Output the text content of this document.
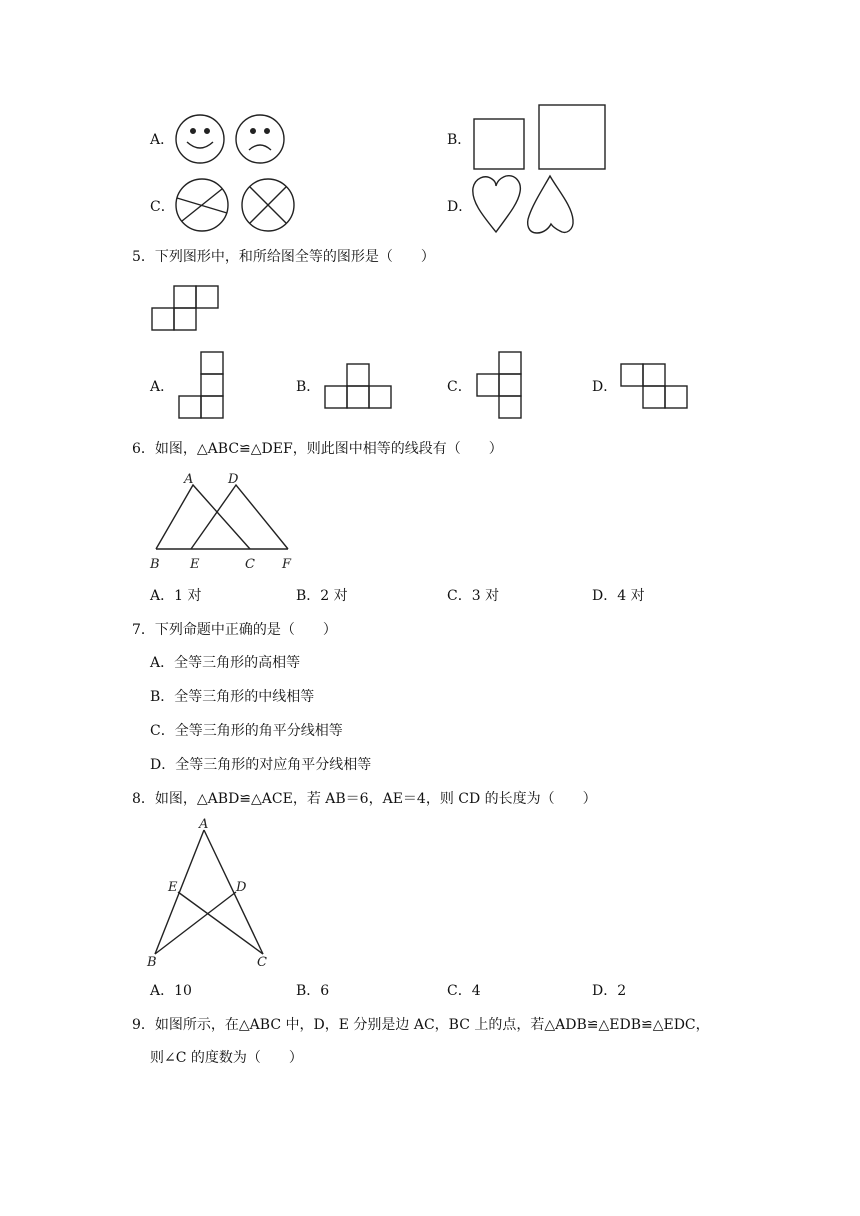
A．	B．
C．	D．
5．下列图形中，和所给图全等的图形是（　　）
A．	B．	C．	D．
6．如图，△ABC≌△DEF，则此图中相等的线段有（　　）
A	D
B E	C F
A．1 对	B．2 对	C．3 对	D．4 对
7．下列命题中正确的是（　　）
A．全等三角形的高相等
B．全等三角形的中线相等
C．全等三角形的角平分线相等
D．全等三角形的对应角平分线相等
8．如图，△ABD≌△ACE，若 AB＝6，AE＝4，则 CD 的长度为（　　）
A
E	D
B	C
A．10	B．6	C．4	D．2
9．如图所示，在△ABC 中，D，E 分别是边 AC，BC 上的点，若△ADB≌△EDB≌△EDC，
则∠C 的度数为（　　）
